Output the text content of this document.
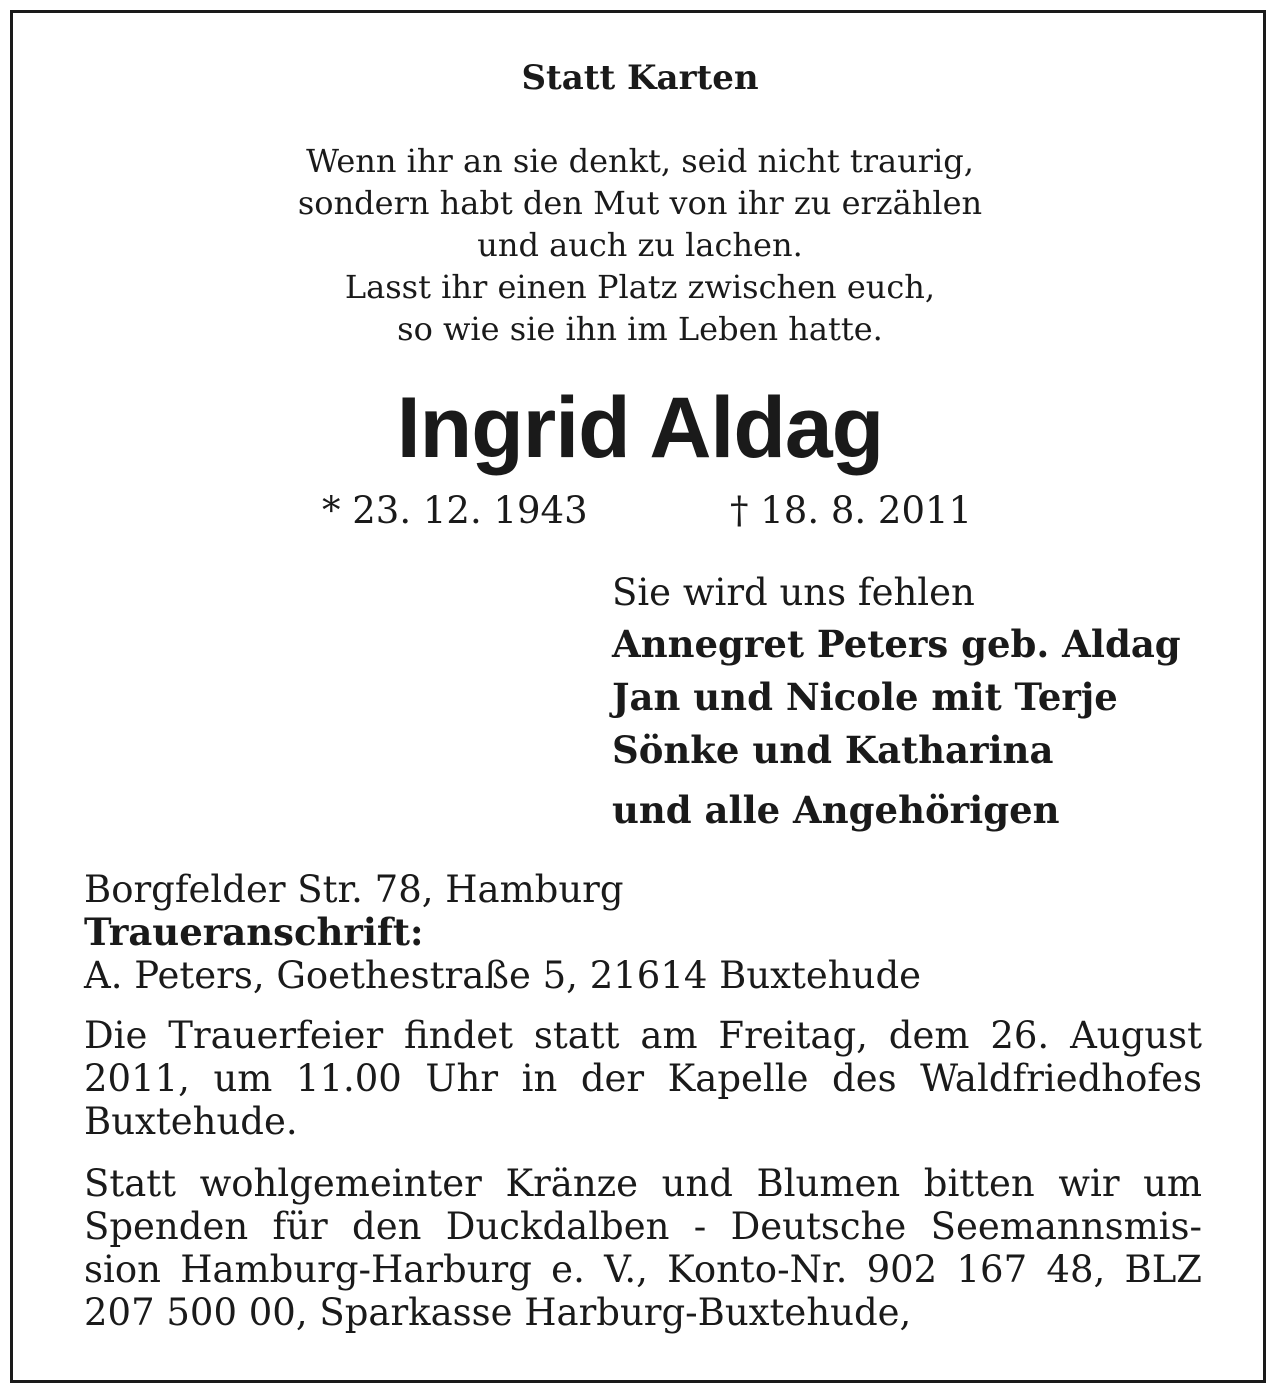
Statt Karten
Wenn ihr an sie denkt, seid nicht traurig,
sondern habt den Mut von ihr zu erzählen
und auch zu lachen.
Lasst ihr einen Platz zwischen euch,
so wie sie ihn im Leben hatte.
Ingrid Aldag
* 23. 12. 1943	† 18. 8. 2011
Sie wird uns fehlen
Annegret Peters geb. Aldag
Jan und Nicole mit Terje
Sönke und Katharina
und alle Angehörigen
Borgfelder Str. 78, Hamburg
Traueranschrift:
A. Peters, Goethestraße 5, 21614 Buxtehude
Die Trauerfeier findet statt am Freitag, dem 26. August
2011, um 11.00 Uhr in der Kapelle des Waldfriedhofes
Buxtehude.
Statt wohlgemeinter Kränze und Blumen bitten wir um
Spenden für den Duckdalben - Deutsche Seemannsmis-
sion Hamburg-Harburg e. V., Konto-Nr. 902 167 48, BLZ
207 500 00, Sparkasse Harburg-Buxtehude,
